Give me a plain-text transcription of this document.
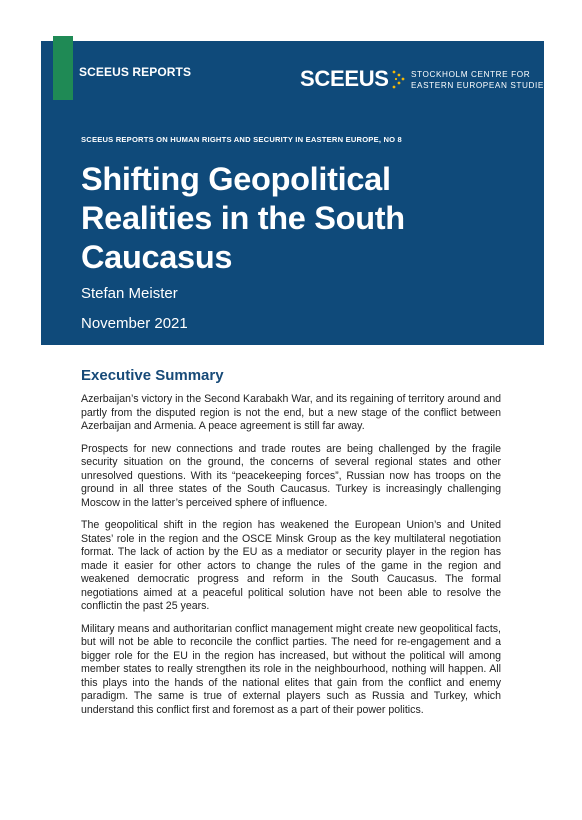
SCEEUS REPORTS	SCEEUS	STOCKHOLM CENTRE FOR
EASTERN EUROPEAN STUDIES
SCEEUS REPORTS ON HUMAN RIGHTS AND SECURITY IN EASTERN EUROPE, NO 8
Shifting Geopolitical Realities in the South Caucasus
Stefan Meister
November 2021
Executive Summary

Azerbaijan’s victory in the Second Karabakh War, and its regaining of territory around and partly from the disputed region is not the end, but a new stage of the conflict between Azerbaijan and Armenia. A peace agreement is still far away.

Prospects for new connections and trade routes are being challenged by the fragile security situation on the ground, the concerns of several regional states and other unresolved questions. With its “peacekeeping forces”, Russian now has troops on the ground in all three states of the South Caucasus. Turkey is increasingly challenging Moscow in the latter’s perceived sphere of influence.

The geopolitical shift in the region has weakened the European Union’s and United States’ role in the region and the OSCE Minsk Group as the key multilateral negotiation format. The lack of action by the EU as a mediator or security player in the region has made it easier for other actors to change the rules of the game in the region and weakened democratic progress and reform in the South Caucasus. The formal negotiations aimed at a peaceful political solution have not been able to resolve the conflictin the past 25 years.

Military means and authoritarian conflict management might create new geopolitical facts, but will not be able to reconcile the conflict parties. The need for re-engagement and a bigger role for the EU in the region has increased, but without the political will among member states to really strengthen its role in the neighbourhood, nothing will happen. All this plays into the hands of the national elites that gain from the conflict and enemy paradigm. The same is true of external players such as Russia and Turkey, which understand this conflict first and foremost as a part of their power politics.
